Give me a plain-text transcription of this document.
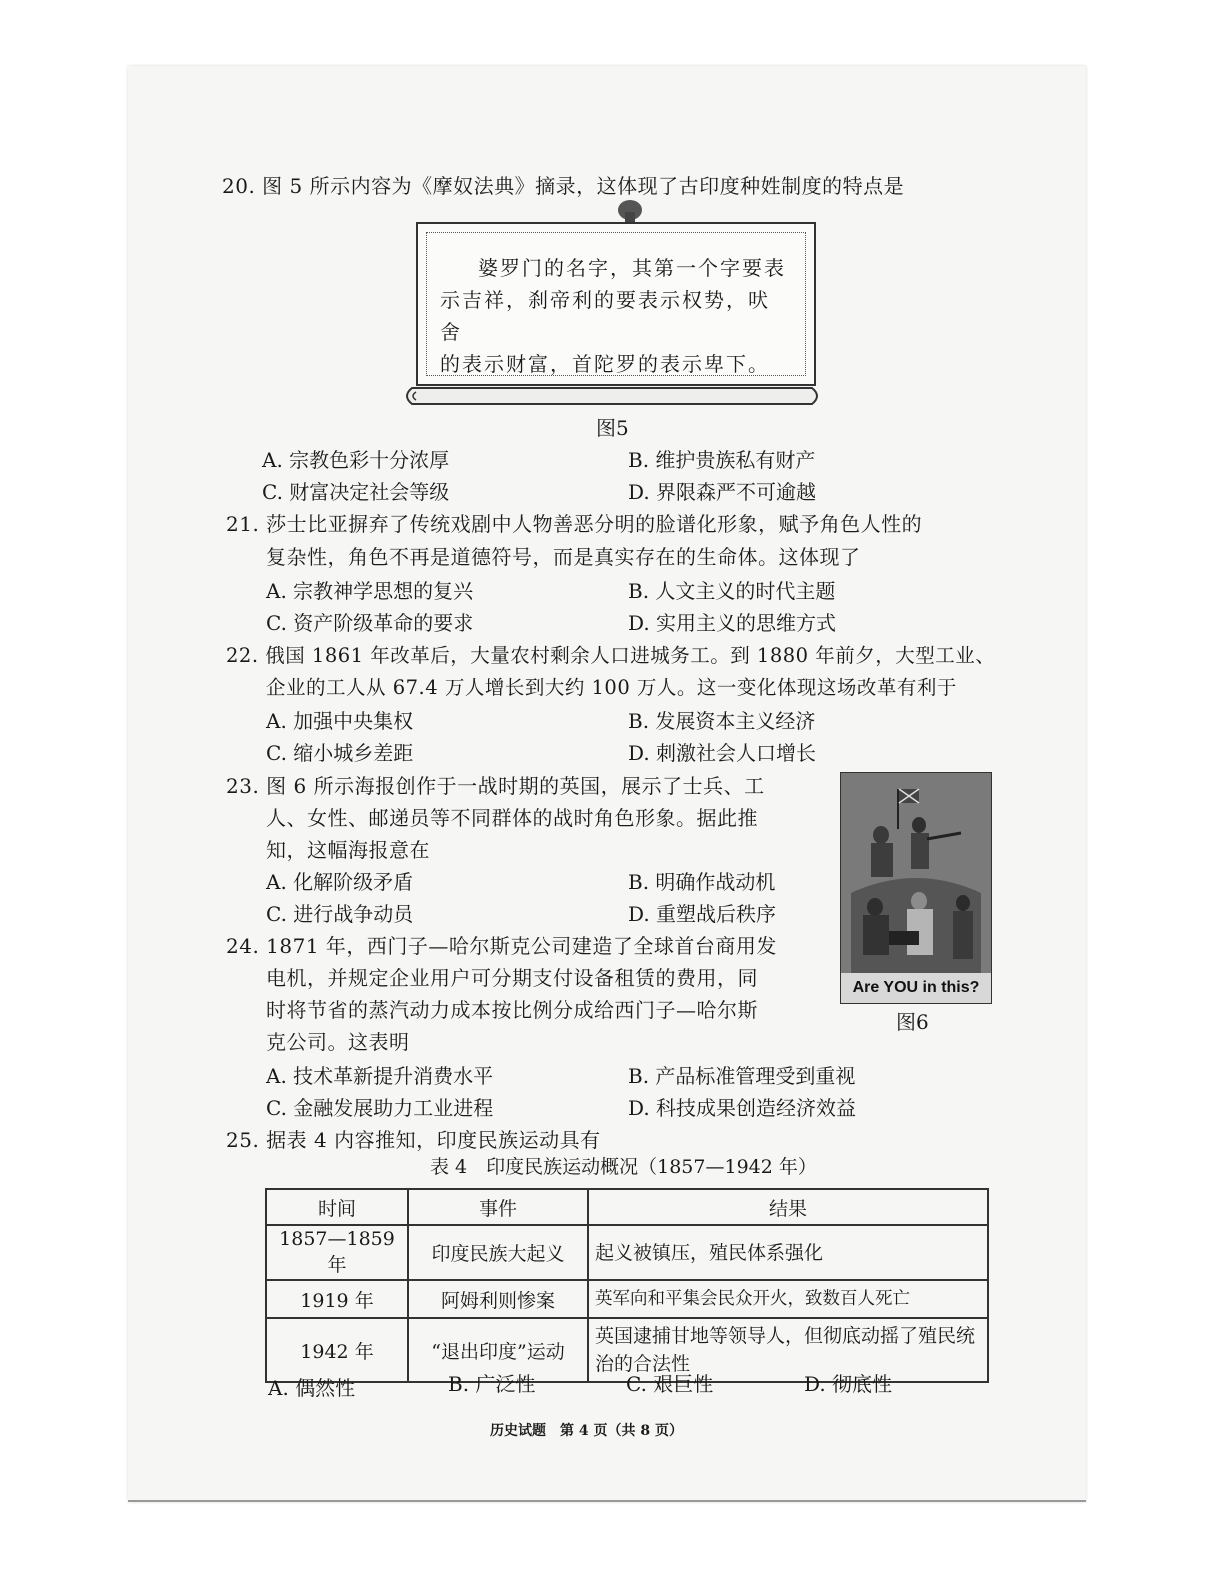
20. 图 5 所示内容为《摩奴法典》摘录，这体现了古印度种姓制度的特点是
婆罗门的名字，其第一个字要表
示吉祥，刹帝利的要表示权势，吠舍
的表示财富，首陀罗的表示卑下。
图5
A. 宗教色彩十分浓厚	B. 维护贵族私有财产
C. 财富决定社会等级	D. 界限森严不可逾越
21. 莎士比亚摒弃了传统戏剧中人物善恶分明的脸谱化形象，赋予角色人性的
复杂性，角色不再是道德符号，而是真实存在的生命体。这体现了
A. 宗教神学思想的复兴	B. 人文主义的时代主题
C. 资产阶级革命的要求	D. 实用主义的思维方式
22. 俄国 1861 年改革后，大量农村剩余人口进城务工。到 1880 年前夕，大型工业、
企业的工人从 67.4 万人增长到大约 100 万人。这一变化体现这场改革有利于
A. 加强中央集权	B. 发展资本主义经济
C. 缩小城乡差距	D. 刺激社会人口增长
23. 图 6 所示海报创作于一战时期的英国，展示了士兵、工
人、女性、邮递员等不同群体的战时角色形象。据此推
知，这幅海报意在
A. 化解阶级矛盾	B. 明确作战动机
C. 进行战争动员	D. 重塑战后秩序
Are YOU in this?
图6
24. 1871 年，西门子—哈尔斯克公司建造了全球首台商用发
电机，并规定企业用户可分期支付设备租赁的费用，同
时将节省的蒸汽动力成本按比例分成给西门子—哈尔斯
克公司。这表明
A. 技术革新提升消费水平	B. 产品标准管理受到重视
C. 金融发展助力工业进程	D. 科技成果创造经济效益
25. 据表 4 内容推知，印度民族运动具有
表 4　印度民族运动概况（1857—1942 年）
时间	事件	结果
1857—1859 年	印度民族大起义	起义被镇压，殖民体系强化
1919 年	阿姆利则惨案	英军向和平集会民众开火，致数百人死亡
1942 年	“退出印度”运动	英国逮捕甘地等领导人，但彻底动摇了殖民统治的合法性
A. 偶然性	B. 广泛性	C. 艰巨性	D. 彻底性
历史试题　第 4 页（共 8 页）
